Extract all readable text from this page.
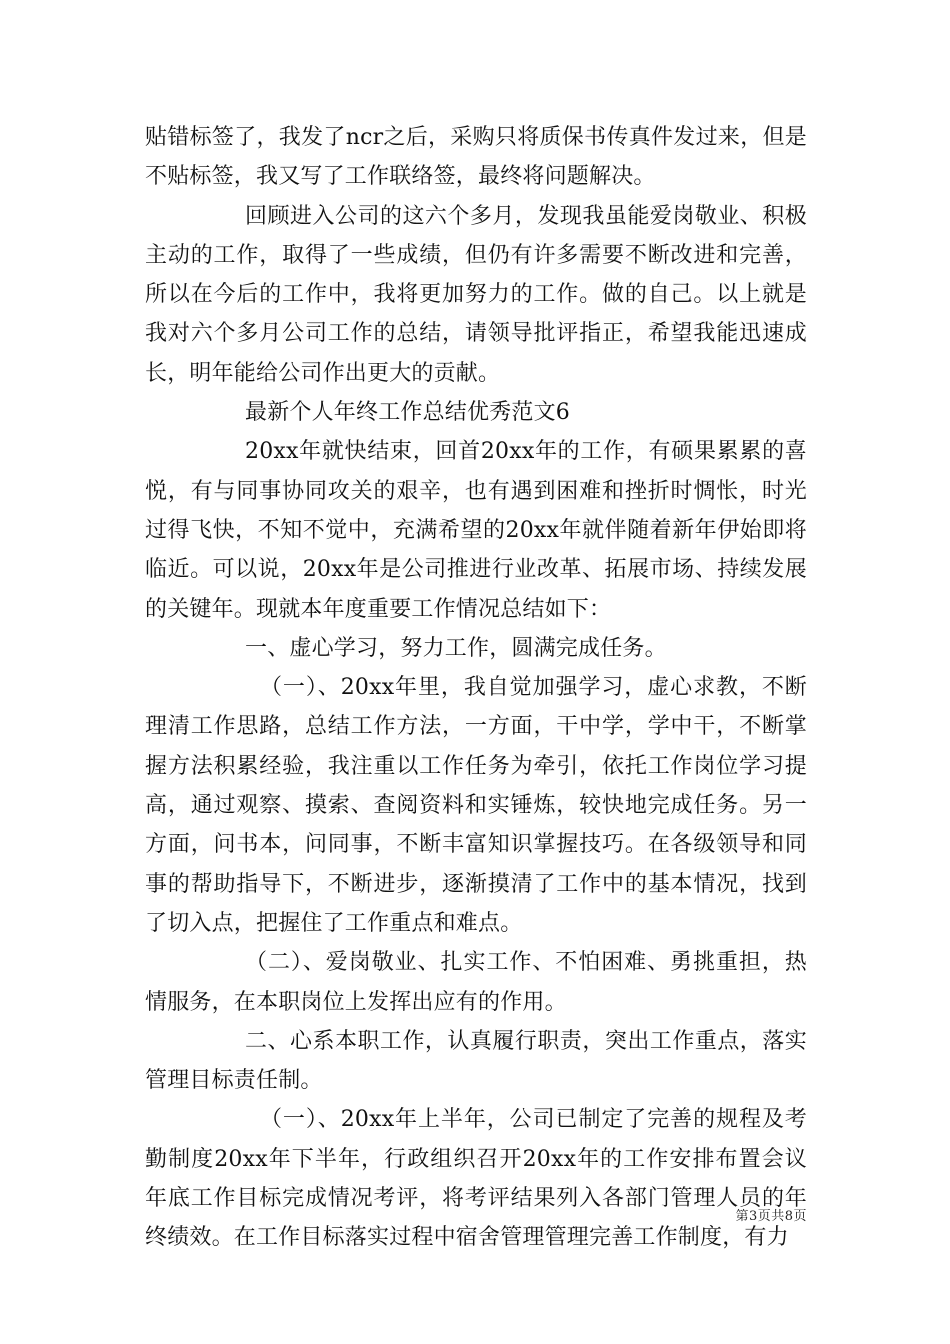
贴错标签了，我发了ncr之后，采购只将质保书传真件发过来，但是不贴标签，我又写了工作联络签，最终将问题解决。

回顾进入公司的这六个多月，发现我虽能爱岗敬业、积极主动的工作，取得了一些成绩，但仍有许多需要不断改进和完善，所以在今后的工作中，我将更加努力的工作。做的自己。以上就是我对六个多月公司工作的总结，请领导批评指正，希望我能迅速成长，明年能给公司作出更大的贡献。

最新个人年终工作总结优秀范文6

20xx年就快结束，回首20xx年的工作，有硕果累累的喜悦，有与同事协同攻关的艰辛，也有遇到困难和挫折时惆怅，时光过得飞快，不知不觉中，充满希望的20xx年就伴随着新年伊始即将临近。可以说，20xx年是公司推进行业改革、拓展市场、持续发展的关键年。现就本年度重要工作情况总结如下：

一、虚心学习，努力工作，圆满完成任务。

（一）、20xx年里，我自觉加强学习，虚心求教，不断理清工作思路，总结工作方法，一方面，干中学，学中干，不断掌握方法积累经验，我注重以工作任务为牵引，依托工作岗位学习提高，通过观察、摸索、查阅资料和实锤炼，较快地完成任务。另一方面，问书本，问同事，不断丰富知识掌握技巧。在各级领导和同事的帮助指导下，不断进步，逐渐摸清了工作中的基本情况，找到了切入点，把握住了工作重点和难点。

（二）、爱岗敬业、扎实工作、不怕困难、勇挑重担，热情服务，在本职岗位上发挥出应有的作用。

二、心系本职工作，认真履行职责，突出工作重点，落实管理目标责任制。

（一）、20xx年上半年，公司已制定了完善的规程及考勤制度20xx年下半年，行政组织召开20xx年的工作安排布置会议年底工作目标完成情况考评，将考评结果列入各部门管理人员的年终绩效。在工作目标落实过程中宿舍管理管理完善工作制度，有力

第3页共8页
